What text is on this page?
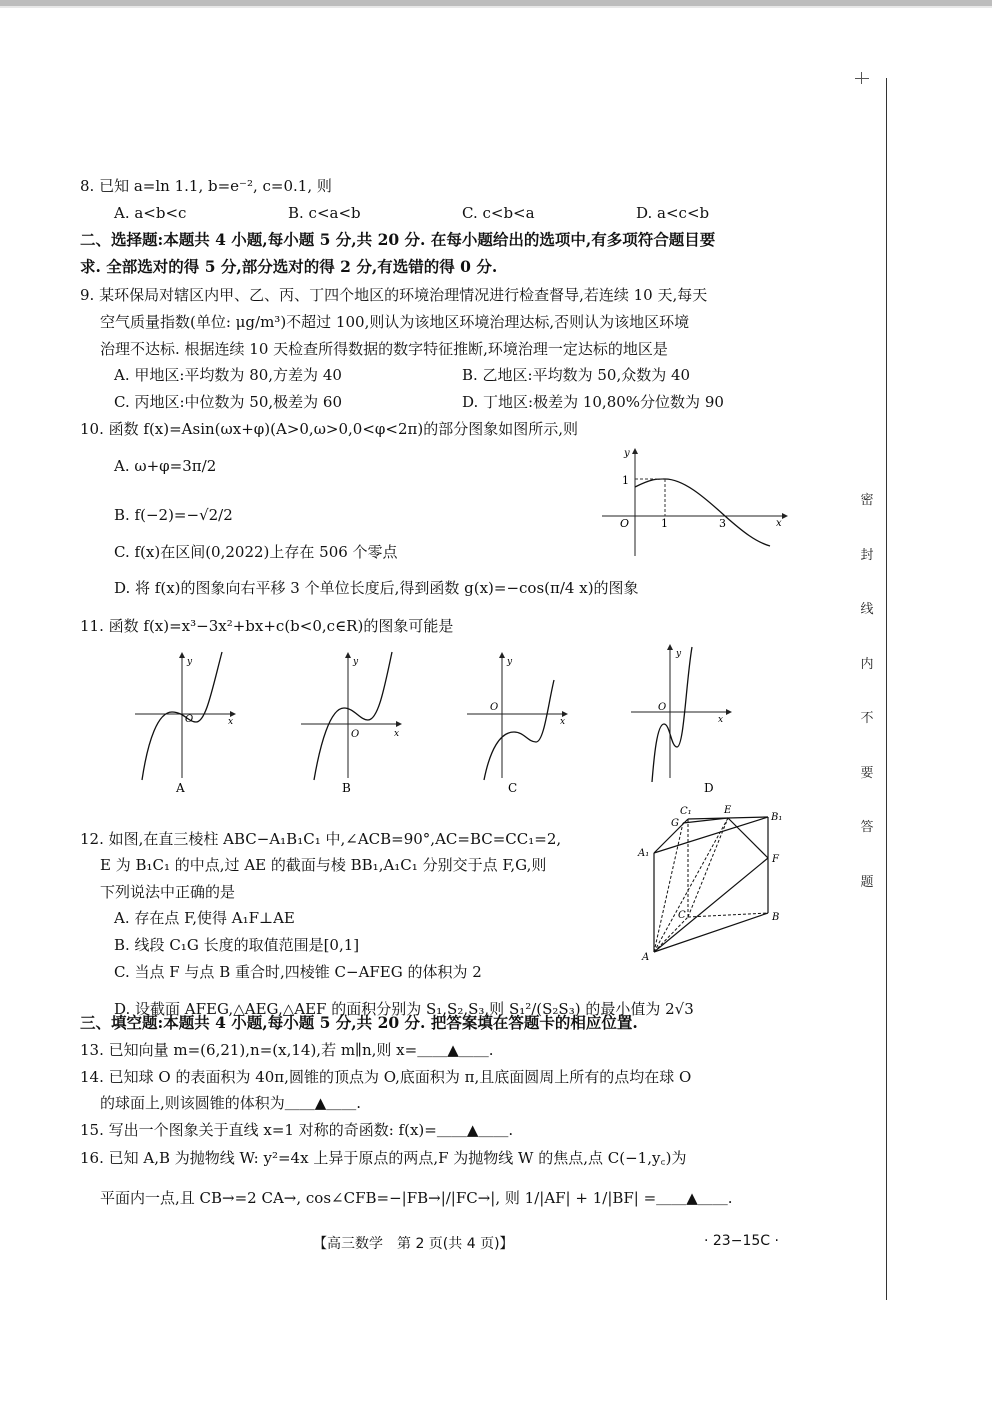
密
封
线
内
不
要
答
题
8. 已知 a=ln 1.1, b=e⁻², c=0.1, 则
A. a<b<c	B. c<a<b	C. c<b<a	D. a<c<b
二、选择题:本题共 4 小题,每小题 5 分,共 20 分. 在每小题给出的选项中,有多项符合题目要
求. 全部选对的得 5 分,部分选对的得 2 分,有选错的得 0 分.
9. 某环保局对辖区内甲、乙、丙、丁四个地区的环境治理情况进行检查督导,若连续 10 天,每天
空气质量指数(单位: μg/m³)不超过 100,则认为该地区环境治理达标,否则认为该地区环境
治理不达标. 根据连续 10 天检查所得数据的数字特征推断,环境治理一定达标的地区是
A. 甲地区:平均数为 80,方差为 40	B. 乙地区:平均数为 50,众数为 40
C. 丙地区:中位数为 50,极差为 60	D. 丁地区:极差为 10,80%分位数为 90
10. 函数 f(x)=Asin(ωx+φ)(A>0,ω>0,0<φ<2π)的部分图象如图所示,则
A. ω+φ=3π/2
B. f(−2)=−√2/2
C. f(x)在区间(0,2022)上存在 506 个零点
D. 将 f(x)的图象向右平移 3 个单位长度后,得到函数 g(x)=−cos(π/4 x)的图象
1
O	1	3	x
y
11. 函数 f(x)=x³−3x²+bx+c(b<0,c∈R)的图象可能是
O	x
y
A
O	x
y
B
O
x
y
C
O
x
y
D
12. 如图,在直三棱柱 ABC−A₁B₁C₁ 中,∠ACB=90°,AC=BC=CC₁=2,
E 为 B₁C₁ 的中点,过 AE 的截面与棱 BB₁,A₁C₁ 分别交于点 F,G,则
下列说法中正确的是
A. 存在点 F,使得 A₁F⊥AE
B. 线段 C₁G 长度的取值范围是[0,1]
C. 当点 F 与点 B 重合时,四棱锥 C−AFEG 的体积为 2
D. 设截面 AFEG,△AEG,△AEF 的面积分别为 S₁,S₂,S₃,则 S₁²/(S₂S₃) 的最小值为 2√3
C₁	E
B₁
G
A₁
F
C	B
A
三、填空题:本题共 4 小题,每小题 5 分,共 20 分. 把答案填在答题卡的相应位置.
13. 已知向量 m=(6,21),n=(x,14),若 m∥n,则 x=＿＿▲＿＿.
14. 已知球 O 的表面积为 40π,圆锥的顶点为 O,底面积为 π,且底面圆周上所有的点均在球 O
的球面上,则该圆锥的体积为＿＿▲＿＿.
15. 写出一个图象关于直线 x=1 对称的奇函数: f(x)=＿＿▲＿＿.
16. 已知 A,B 为抛物线 W: y²=4x 上异于原点的两点,F 为抛物线 W 的焦点,点 C(−1,y꜀)为
平面内一点,且 CB→=2 CA→, cos∠CFB=−|FB→|/|FC→|, 则 1/|AF| + 1/|BF| =＿＿▲＿＿.
【高三数学　第 2 页(共 4 页)】	· 23−15C ·
